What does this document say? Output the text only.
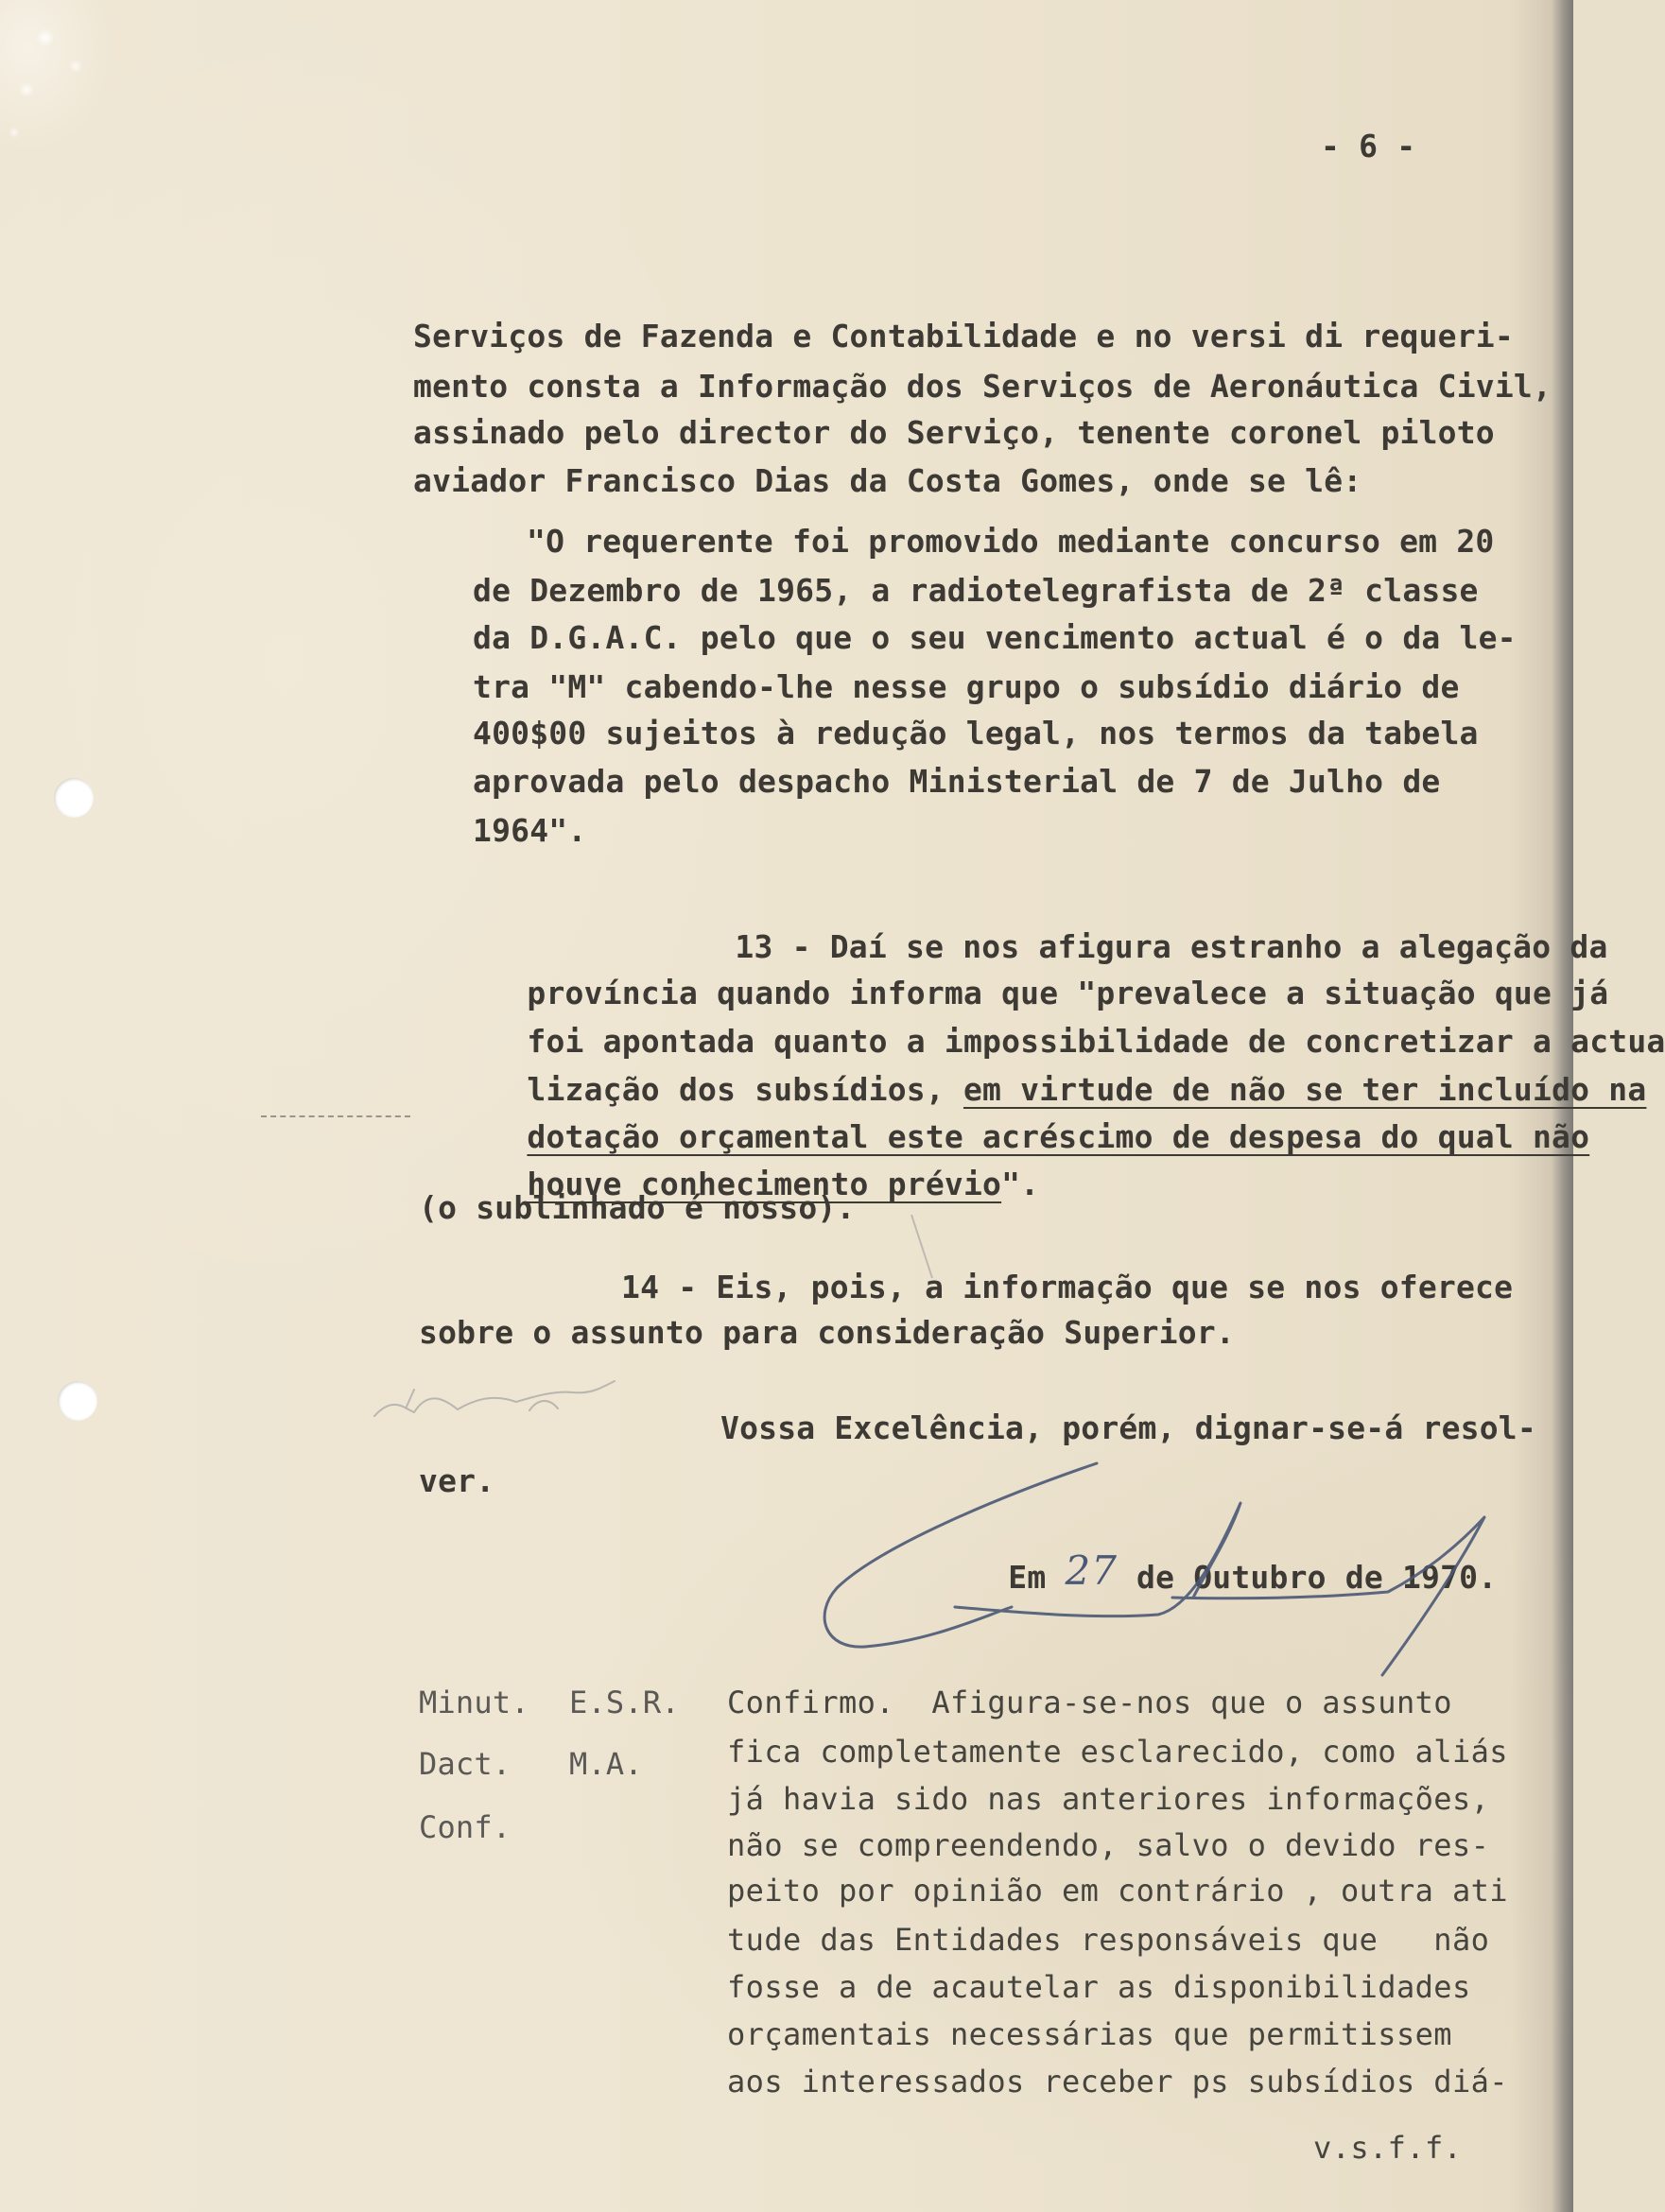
- 6 -
Serviços de Fazenda e Contabilidade e no versi di requeri-
mento consta a Informação dos Serviços de Aeronáutica Civil,
assinado pelo director do Serviço, tenente coronel piloto
aviador Francisco Dias da Costa Gomes, onde se lê:
"O requerente foi promovido mediante concurso em 20
de Dezembro de 1965, a radiotelegrafista de 2ª classe
da D.G.A.C. pelo que o seu vencimento actual é o da le-
tra "M" cabendo-lhe nesse grupo o subsídio diário de
400$00 sujeitos à redução legal, nos termos da tabela
aprovada pelo despacho Ministerial de 7 de Julho de
1964".

13 - Daí se nos afigura estranho a alegação da

província quando informa que "prevalece a situação que já

foi apontada quanto a impossibilidade de concretizar a actua

lização dos subsídios, em virtude de não se ter incluído na

dotação orçamental este acréscimo de despesa do qual não

houve conhecimento prévio".

(o sublinhado é nosso).
14 - Eis, pois, a informação que se nos oferece
sobre o assunto para consideração Superior.
Vossa Excelência, porém, dignar-se-á resol-
ver.

Em 27 de Outubro de 1970.

Minut. E.S.R.
Dact. M.A.
Conf.
Confirmo.  Afigura-se-nos que o assunto
fica completamente esclarecido, como aliás
já havia sido nas anteriores informações,
não se compreendendo, salvo o devido res-
peito por opinião em contrário , outra ati
tude das Entidades responsáveis que   não
fosse a de acautelar as disponibilidades
orçamentais necessárias que permitissem
aos interessados receber ps subsídios diá-
v.s.f.f.
